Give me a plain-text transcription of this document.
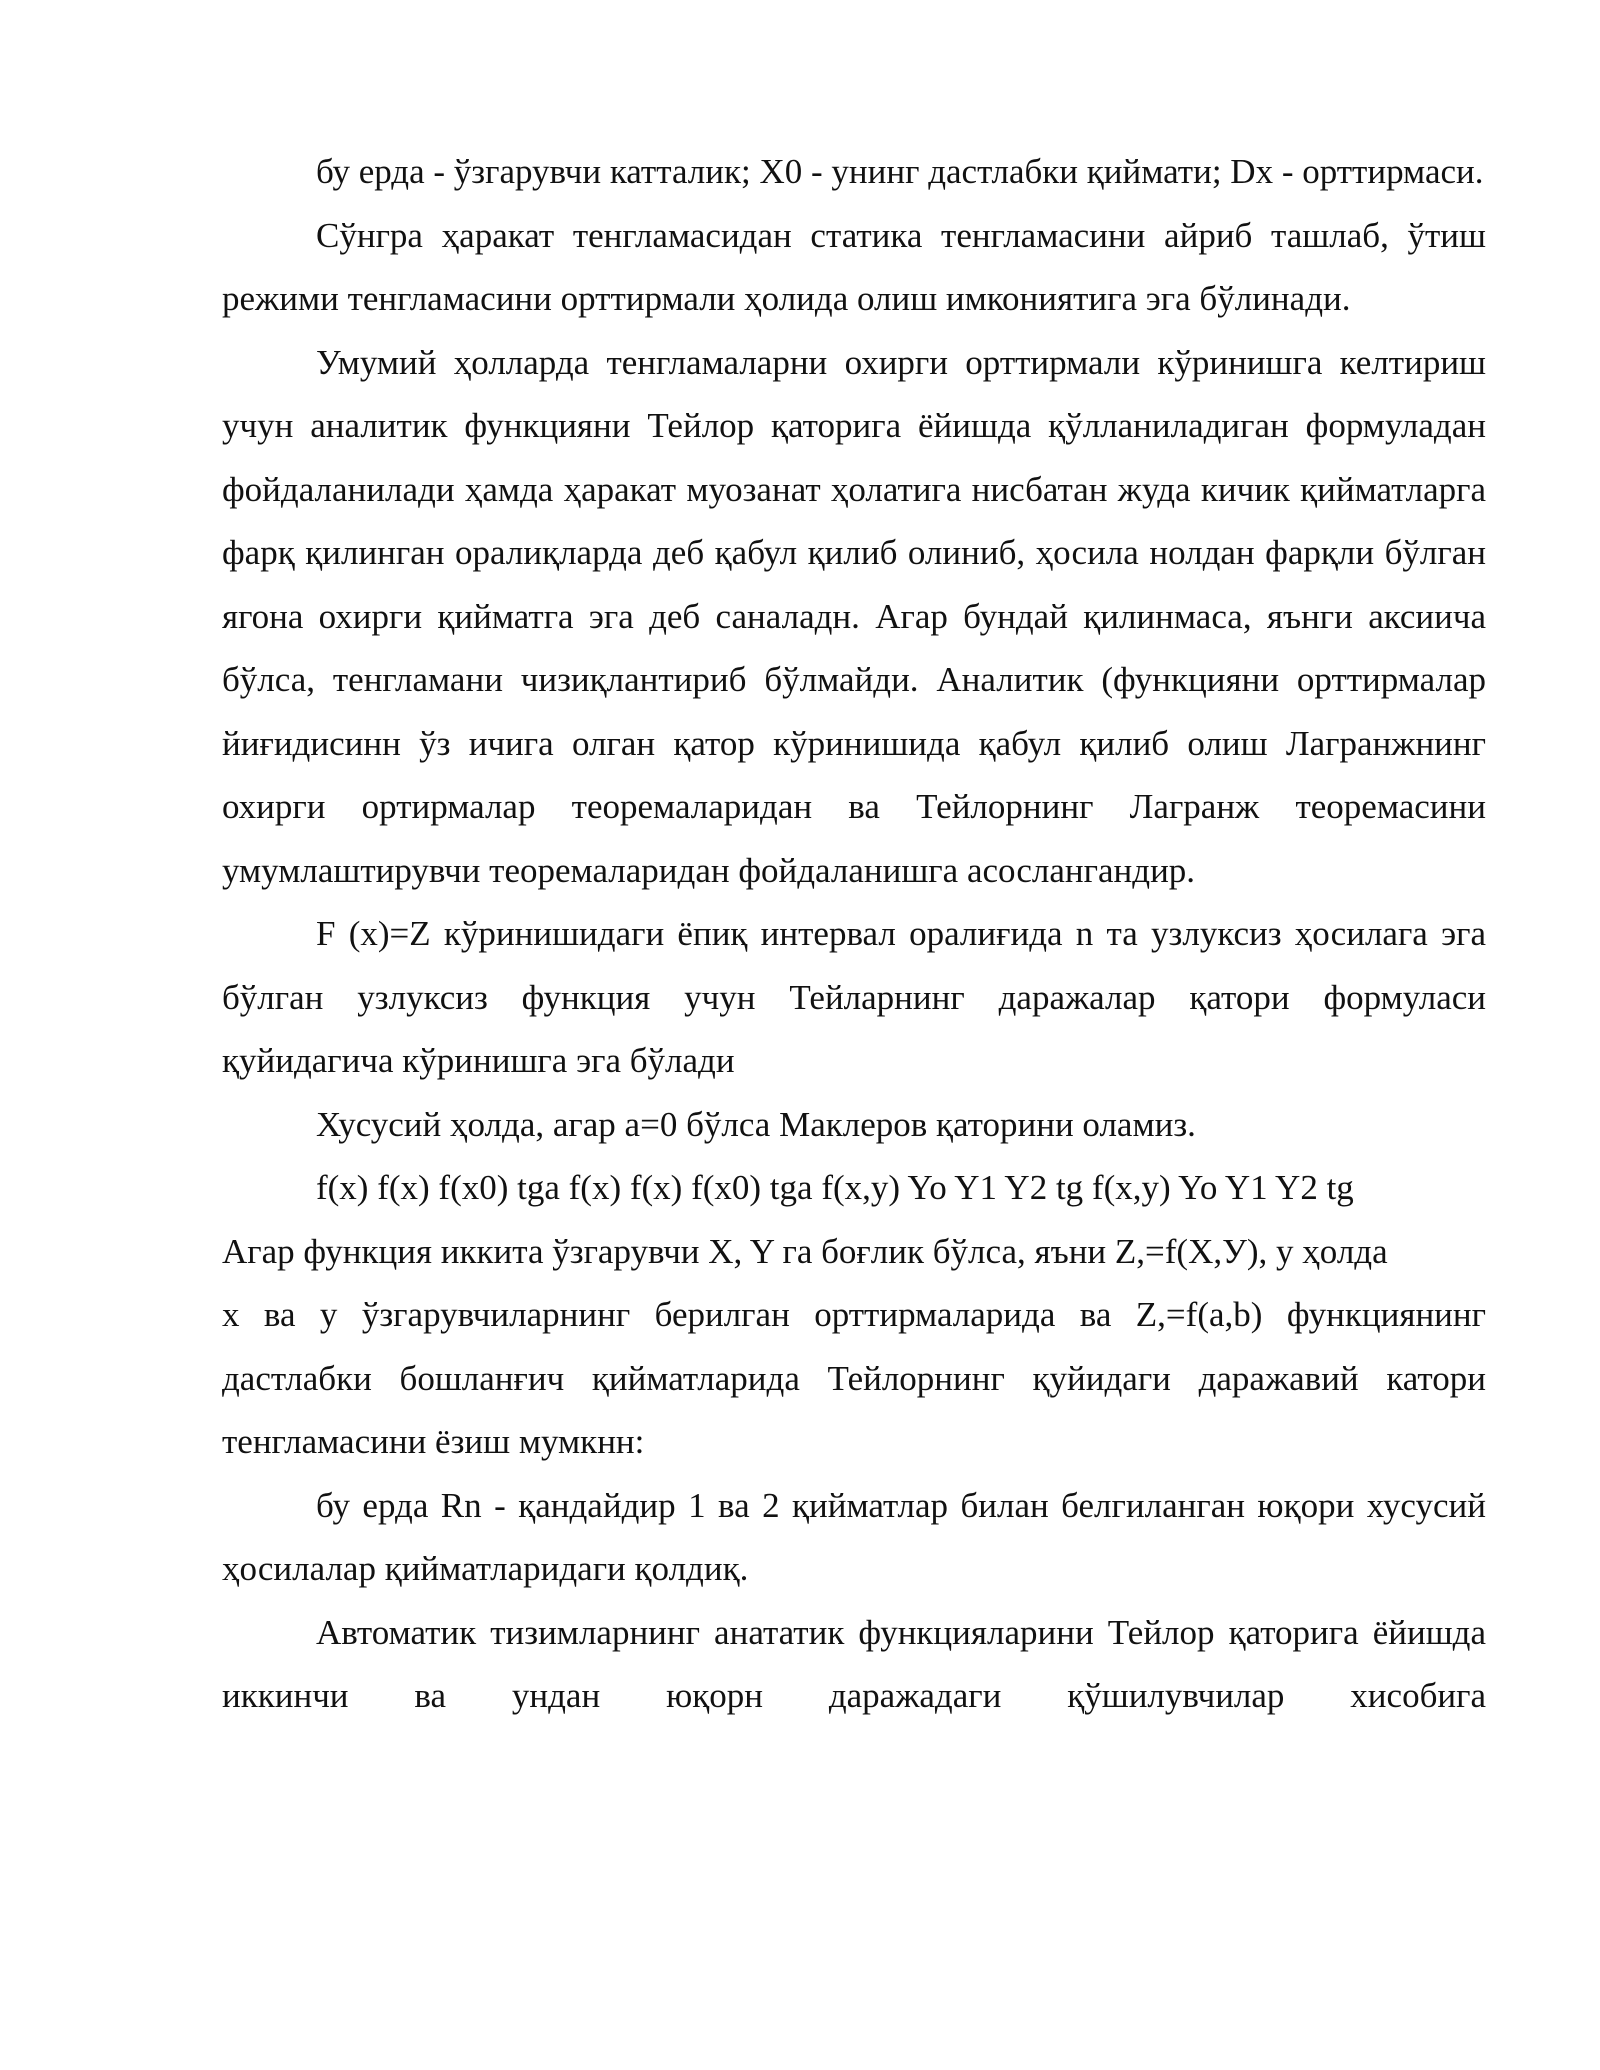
бу ерда - ўзгарувчи катталик; X0 - унинг дастлабки қиймати; Dx - орттирмаси.

Сўнгра ҳаракат тенгламасидан статика тенгламасини айриб ташлаб, ўтиш режими тенгламасини орттирмали ҳолида олиш имкониятига эга бўлинади.

Умумий ҳолларда тенгламаларни охирги орттирмали кўринишга келтириш учун аналитик функцияни Тейлор қаторига ёйишда қўлланиладиган формуладан фойдаланилади ҳамда ҳаракат муозанат ҳолатига нисбатан жуда кичик қийматларга фарқ қилинган оралиқларда деб қабул қилиб олиниб, ҳосила нолдан фарқли бўлган ягона охирги қийматга эга деб саналадн. Агар бундай қилинмаса, яънги аксиича бўлса, тенгламани чизиқлантириб бўлмайди. Аналитик (функцияни орттирмалар йиғидисинн ўз ичига олган қатор кўринишида қабул қилиб олиш Лагранжнинг охирги ортирмалар теоремаларидан ва Тейлорнинг Лагранж теоремасини умумлаштирувчи теоремаларидан фойдаланишга асослангандир.

F (x)=Z кўринишидаги ёпиқ интервал оралиғида n та узлуксиз ҳосилага эга бўлган узлуксиз функция учун Тейларнинг даражалар қатори формуласи қуйидагича кўринишга эга бўлади

Хусусий ҳолда, агар a=0 бўлса Маклеров қаторини оламиз.

f(x) f(x) f(x0) tga f(x) f(x) f(x0) tga f(x,y) Yo Y1 Y2 tg f(x,y) Yo Y1 Y2 tg

Агар функция иккита ўзгарувчи X, Y га боғлик бўлса, яъни Z,=f(X,У), у ҳолда

x ва у ўзгарувчиларнинг берилган орттирмаларида ва Z,=f(a,b) функциянинг дастлабки бошланғич қийматларида Тейлорнинг қуйидаги даражавий катори тенгламасини ёзиш мумкнн:

бу ерда Rn - қандайдир 1 ва 2 қийматлар билан белгиланган юқори хусусий ҳосилалар қийматларидаги қолдиқ.

Автоматик тизимларнинг анататик функцияларини Тейлор қаторига ёйишда иккинчи ва ундан юқорн даражадаги қўшилувчилар хисобига
